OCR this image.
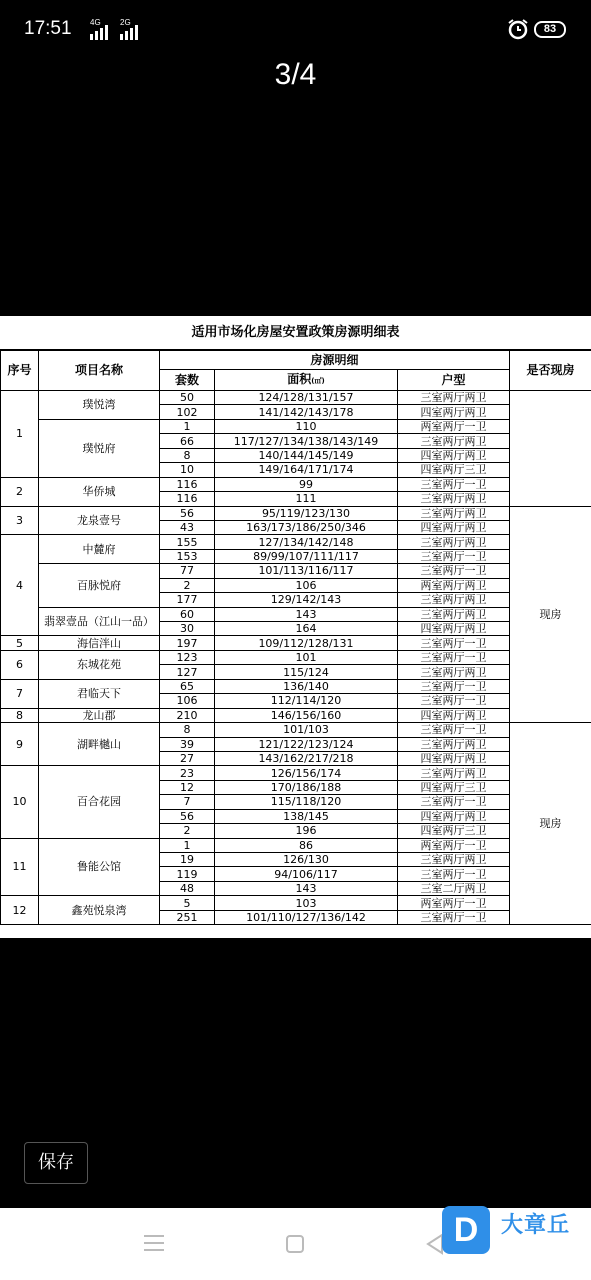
17:51 4G 2G
83
3/4
适用市场化房屋安置政策房源明细表
序号	项目名称	房源明细			是否现房
		套数	面积(㎡)	户型	
1	璞悦湾	50	124/128/131/157	三室两厅两卫	
		102	141/142/143/178	四室两厅两卫	
	璞悦府	1	110	两室两厅一卫	
		66	117/127/134/138/143/149	三室两厅两卫	
		8	140/144/145/149	四室两厅两卫	
		10	149/164/171/174	四室两厅三卫	
2	华侨城	116	99	三室两厅一卫	
		116	111	三室两厅两卫	
3	龙泉壹号	56	95/119/123/130	三室两厅两卫	现房
		43	163/173/186/250/346	四室两厅两卫	
4	中麓府	155	127/134/142/148	三室两厅两卫	
		153	89/99/107/111/117	三室两厅一卫	
	百脉悦府	77	101/113/116/117	三室两厅一卫	
		2	106	两室两厅两卫	
		177	129/142/143	三室两厅两卫	
	翡翠壹品（江山一品）	60	143	三室两厅两卫	
		30	164	四室两厅两卫	
5	海信泮山	197	109/112/128/131	三室两厅一卫	
6	东城花苑	123	101	三室两厅一卫	
		127	115/124	三室两厅两卫	
7	君临天下	65	136/140	三室两厅一卫	
		106	112/114/120	三室两厅一卫	
8	龙山郡	210	146/156/160	四室两厅两卫	
9	湖畔樾山	8	101/103	三室两厅一卫	现房
		39	121/122/123/124	三室两厅两卫	
		27	143/162/217/218	四室两厅两卫	
10	百合花园	23	126/156/174	三室两厅两卫	
		12	170/186/188	四室两厅三卫	
		7	115/118/120	三室两厅一卫	
		56	138/145	四室两厅两卫	
		2	196	四室两厅三卫	
11	鲁能公馆	1	86	两室两厅一卫	
		19	126/130	三室两厅两卫	
		119	94/106/117	三室两厅一卫	
		48	143	三室二厅两卫	
12	鑫苑悦泉湾	5	103	两室两厅一卫	
		251	101/110/127/136/142	三室两厅一卫	
保存
D	大章丘
